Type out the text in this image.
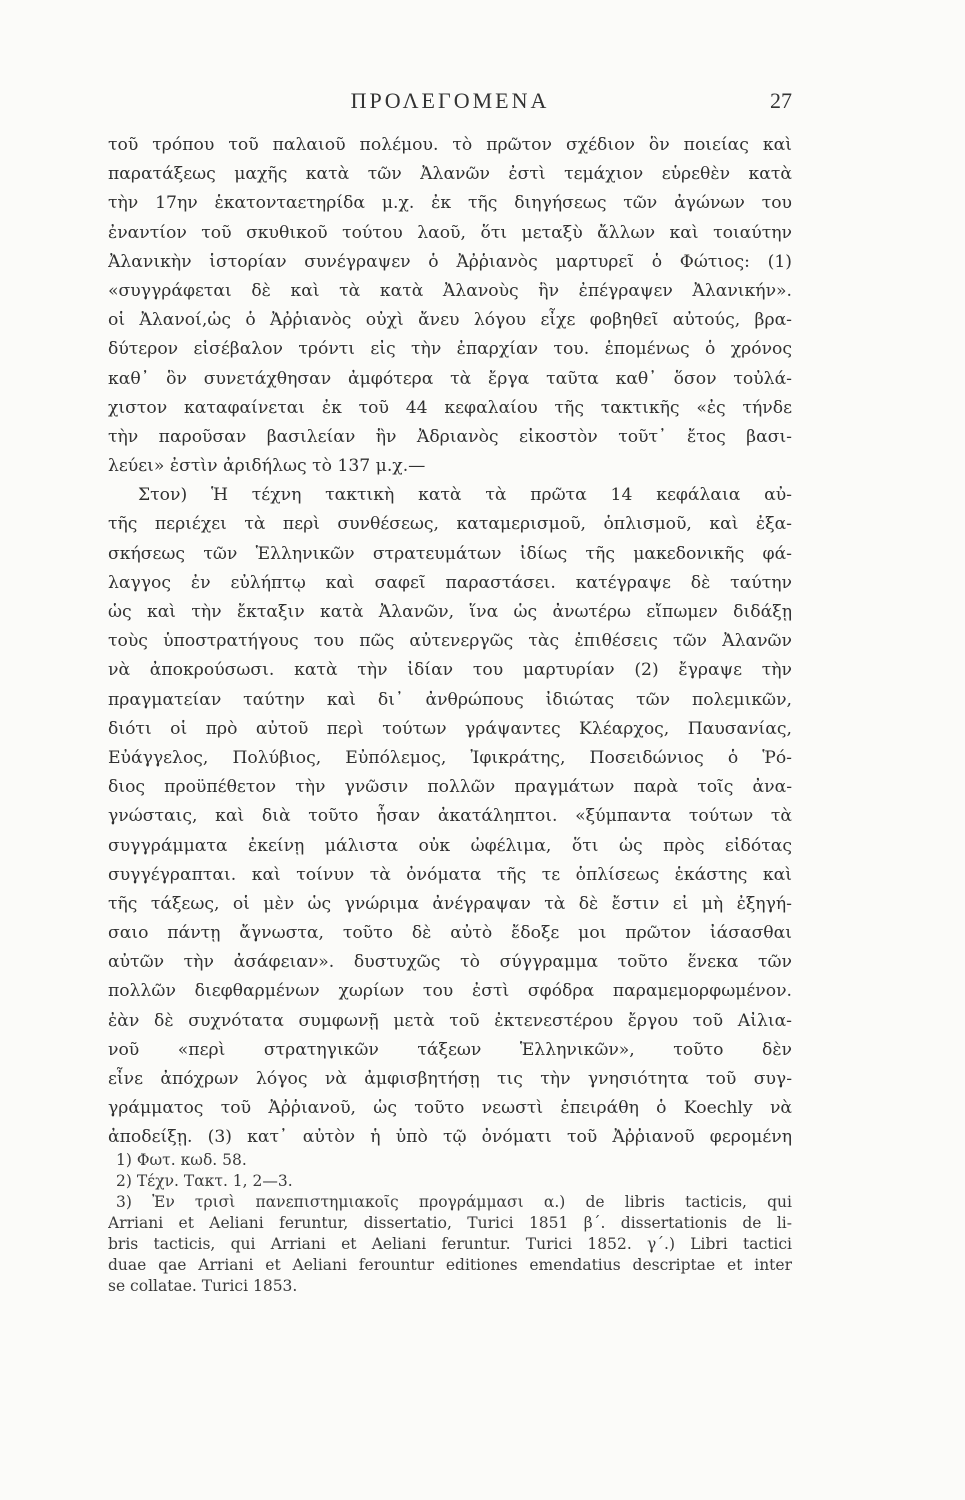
ΠΡΟΛΕΓΟΜΕΝΑ	27
τοῦ τρόπου τοῦ παλαιοῦ πολέμου. τὸ πρῶτον σχέδιον ὃν ποιείας καὶ
παρατάξεως μαχῆς κατὰ τῶν Ἀλανῶν ἐστὶ τεμάχιον εὑρεθὲν κατὰ
τὴν 17ην ἑκατονταετηρίδα μ.χ. ἐκ τῆς διηγήσεως τῶν ἀγώνων του
ἐναντίον τοῦ σκυθικοῦ τούτου λαοῦ, ὅτι μεταξὺ ἄλλων καὶ τοιαύτην
Ἀλανικὴν ἱστορίαν συνέγραψεν ὁ Ἀῤῥιανὸς μαρτυρεῖ ὁ Φώτιος: (1)
«συγγράφεται δὲ καὶ τὰ κατὰ Ἀλανοὺς ἣν ἐπέγραψεν Ἀλανικήν».
οἱ Ἀλανοί,ὡς ὁ Ἀῤῥιανὸς οὐχὶ ἄνευ λόγου εἶχε φοβηθεῖ αὐτούς, βρα-
δύτερον εἰσέβαλον τρόντι εἰς τὴν ἐπαρχίαν του. ἑπομένως ὁ χρόνος
καθ᾿ ὃν συνετάχθησαν ἀμφότερα τὰ ἔργα ταῦτα καθ᾿ ὅσον τοὐλά-
χιστον καταφαίνεται ἐκ τοῦ 44 κεφαλαίου τῆς τακτικῆς «ἐς τήνδε
τὴν παροῦσαν βασιλείαν ἣν Ἀδριανὸς εἰκοστὸν τοῦτ᾿ ἔτος βασι-
λεύει» ἐστὶν ἀριδήλως τὸ 137 μ.χ.—
Στον) Ἡ τέχνη τακτικὴ κατὰ τὰ πρῶτα 14 κεφάλαια αὐ-
τῆς περιέχει τὰ περὶ συνθέσεως, καταμερισμοῦ, ὁπλισμοῦ, καὶ ἐξα-
σκήσεως τῶν Ἑλληνικῶν στρατευμάτων ἰδίως τῆς μακεδονικῆς φά-
λαγγος ἐν εὐλήπτῳ καὶ σαφεῖ παραστάσει. κατέγραψε δὲ ταύτην
ὡς καὶ τὴν ἔκταξιν κατὰ Ἀλανῶν, ἵνα ὡς ἀνωτέρω εἴπωμεν διδάξῃ
τοὺς ὑποστρατήγους του πῶς αὐτενεργῶς τὰς ἐπιθέσεις τῶν Ἀλανῶν
νὰ ἀποκρούσωσι. κατὰ τὴν ἰδίαν του μαρτυρίαν (2) ἔγραψε τὴν
πραγματείαν ταύτην καὶ δι᾿ ἀνθρώπους ἰδιώτας τῶν πολεμικῶν,
διότι οἱ πρὸ αὐτοῦ περὶ τούτων γράψαντες Κλέαρχος, Παυσανίας,
Εὐάγγελος, Πολύβιος, Εὐπόλεμος, Ἰφικράτης, Ποσειδώνιος ὁ Ῥό-
διος προϋπέθετον τὴν γνῶσιν πολλῶν πραγμάτων παρὰ τοῖς ἀνα-
γνώσταις, καὶ διὰ τοῦτο ἦσαν ἀκατάληπτοι. «ξύμπαντα τούτων τὰ
συγγράμματα ἐκείνῃ μάλιστα οὐκ ὠφέλιμα, ὅτι ὡς πρὸς εἰδότας
συγγέγραπται. καὶ τοίνυν τὰ ὀνόματα τῆς τε ὁπλίσεως ἑκάστης καὶ
τῆς τάξεως, οἱ μὲν ὡς γνώριμα ἀνέγραψαν τὰ δὲ ἔστιν εἰ μὴ ἐξηγή-
σαιο πάντῃ ἄγνωστα, τοῦτο δὲ αὐτὸ ἔδοξε μοι πρῶτον ἰάσασθαι
αὐτῶν τὴν ἀσάφειαν». δυστυχῶς τὸ σύγγραμμα τοῦτο ἕνεκα τῶν
πολλῶν διεφθαρμένων χωρίων του ἐστὶ σφόδρα παραμεμορφωμένον.
ἐὰν δὲ συχνότατα συμφωνῇ μετὰ τοῦ ἐκτενεστέρου ἔργου τοῦ Αἰλια-
νοῦ «περὶ στρατηγικῶν τάξεων Ἑλληνικῶν», τοῦτο δὲν
εἶνε ἀπόχρων λόγος νὰ ἀμφισβητήσῃ τις τὴν γνησιότητα τοῦ συγ-
γράμματος τοῦ Ἀῤῥιανοῦ, ὡς τοῦτο νεωστὶ ἐπειράθη ὁ Koechly νὰ
ἀποδείξῃ. (3) κατ᾿ αὐτὸν ἡ ὑπὸ τῷ ὀνόματι τοῦ Ἀῤῥιανοῦ φερομένη
1) Φωτ. κωδ. 58.
2) Τέχν. Τακτ. 1, 2—3.
3) Ἐν τρισὶ πανεπιστημιακοῖς προγράμμασι α.) de libris tacticis, qui
Arriani et Aeliani feruntur, dissertatio, Turici 1851 β΄. dissertationis de li-
bris tacticis, qui Arriani et Aeliani feruntur. Turici 1852. γ΄.) Libri tactici
duae qae Arriani et Aeliani ferountur editiones emendatius descriptae et inter
se collatae. Turici 1853.
